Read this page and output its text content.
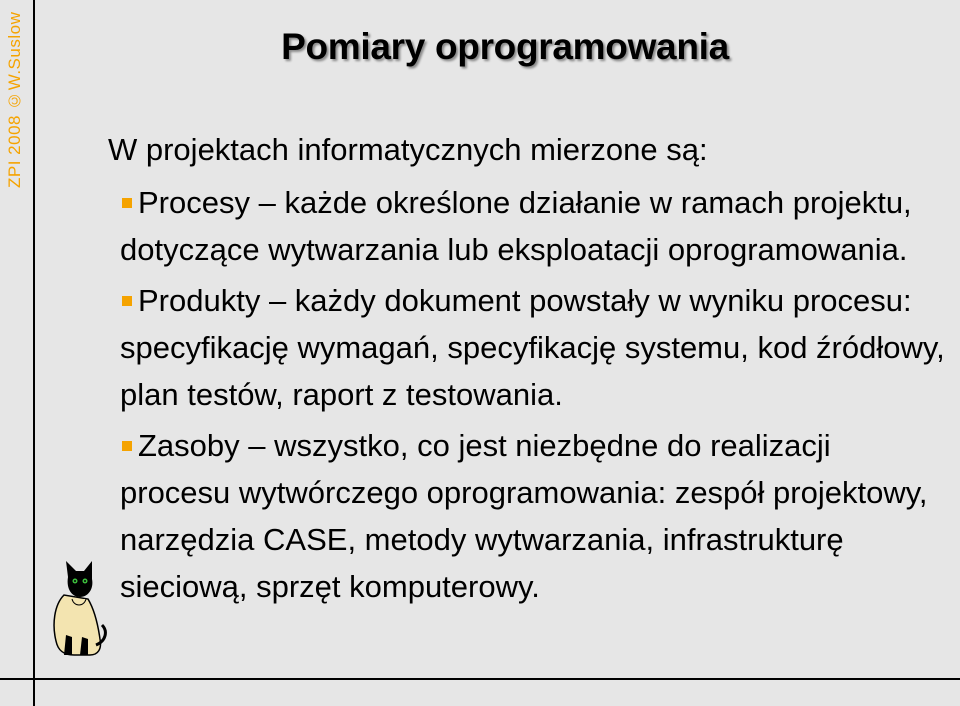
ZPI 2008 ©W.Suslow	Pomiary oprogramowania
W projektach informatycznych mierzone są:
Procesy – każde określone działanie w ramach projektu, dotyczące wytwarzania lub eksploatacji oprogramowania.
Produkty – każdy dokument powstały w wyniku procesu: specyfikację wymagań, specyfikację systemu, kod źródłowy, plan testów, raport z testowania.
Zasoby – wszystko, co jest niezbędne do realizacji procesu wytwórczego oprogramowania: zespół projektowy, narzędzia CASE, metody wytwarzania, infrastrukturę sieciową, sprzęt komputerowy.
